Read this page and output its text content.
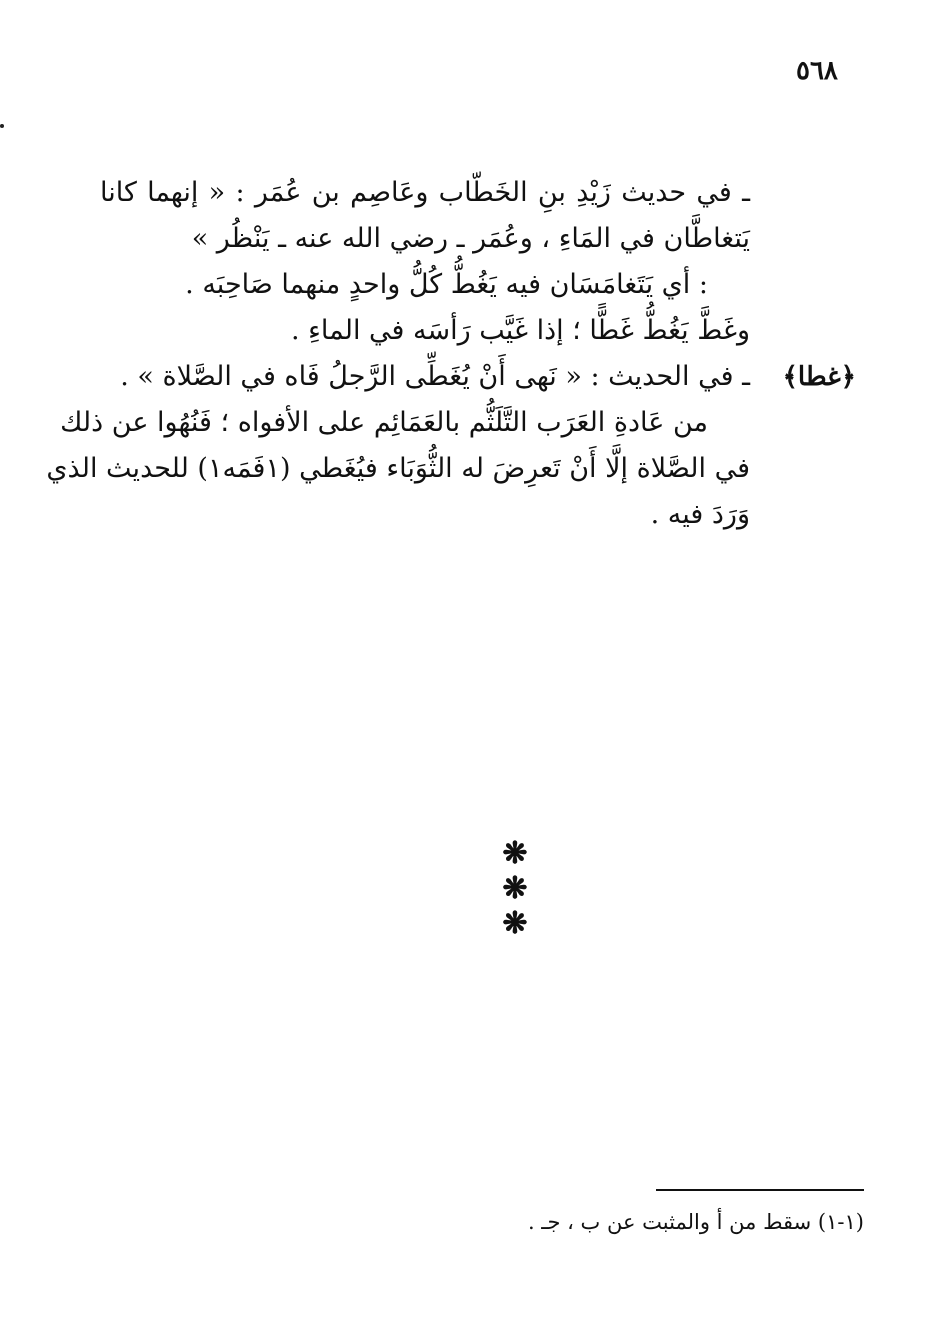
٥٦٨
ـ في حديث زَيْدِ بنِ الخَطّاب وعَاصِم بن عُمَر : « إنهما كانا
يَتغاطَّان في المَاءِ ، وعُمَر ـ رضي الله عنه ـ يَنْظُر »
: أي يَتَغامَسَان فيه يَغُطُّ كُلُّ واحدٍ منهما صَاحِبَه .
وغَطَّ يَغُطُّ غَطًّا ؛ إذا غَيَّب رَأسَه في الماءِ .
ـ في الحديث : « نَهى أَنْ يُغَطِّى الرَّجلُ فَاه في الصَّلاة » .
من عَادةِ العَرَب التَّلَثُّم بالعَمَائِم على الأفواه ؛ فَنُهُوا عن ذلك
في الصَّلاة إلَّا أَنْ تَعرِضَ له الثُّوَبَاء فيُغَطي (١فَمَه١) للحديث الذي
وَرَدَ فيه .
﴿غطا﴾
❋ ❋ ❋
(١-١) سقط من أ والمثبت عن ب ، جـ .
